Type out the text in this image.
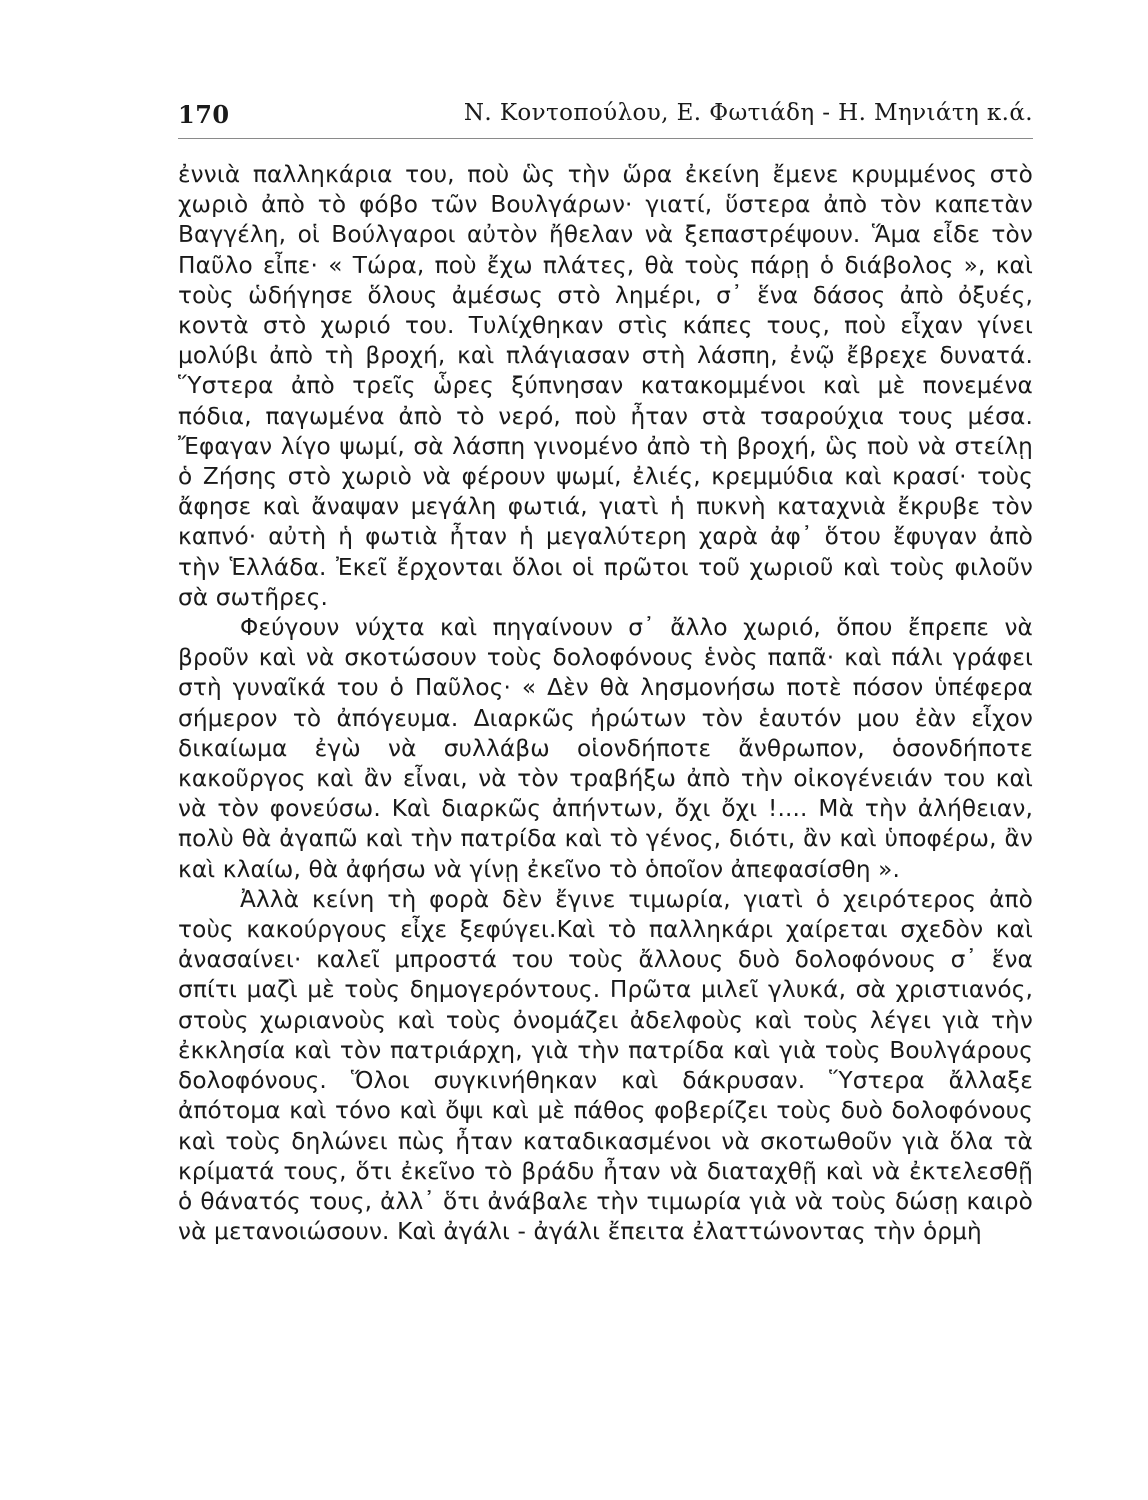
170	Ν. Κοντοπούλου, Ε. Φωτιάδη - Η. Μηνιάτη κ.ά.

ἐννιὰ παλληκάρια του, ποὺ ὣς τὴν ὥρα ἐκείνη ἔμενε κρυμμένος στὸ χωριὸ ἀπὸ τὸ φόβο τῶν Βουλγάρων· γιατί, ὕστερα ἀπὸ τὸν καπετὰν Βαγγέλη, οἱ Βούλγαροι αὐτὸν ἤθελαν νὰ ξεπαστρέψουν. Ἅμα εἶδε τὸν Παῦλο εἶπε· « Τώρα, ποὺ ἔχω πλάτες, θὰ τοὺς πάρῃ ὁ διάβολος », καὶ τοὺς ὡδήγησε ὅλους ἀμέσως στὸ λημέρι, σ᾿ ἕνα δάσος ἀπὸ ὀξυές, κοντὰ στὸ χωριό του. Τυλίχθηκαν στὶς κάπες τους, ποὺ εἶχαν γίνει μολύβι ἀπὸ τὴ βροχή, καὶ πλάγιασαν στὴ λάσπη, ἐνῷ ἔβρεχε δυνατά. Ὕστερα ἀπὸ τρεῖς ὧρες ξύπνησαν κατακομμένοι καὶ μὲ πονεμένα πόδια, παγωμένα ἀπὸ τὸ νερό, ποὺ ἦταν στὰ τσαρούχια τους μέσα. Ἔφαγαν λίγο ψωμί, σὰ λάσπη γινομένο ἀπὸ τὴ βροχή, ὣς ποὺ νὰ στείλῃ ὁ Ζήσης στὸ χωριὸ νὰ φέρουν ψωμί, ἐλιές, κρεμμύδια καὶ κρασί· τοὺς ἄφησε καὶ ἄναψαν μεγάλη φωτιά, γιατὶ ἡ πυκνὴ καταχνιὰ ἔκρυβε τὸν καπνό· αὐτὴ ἡ φωτιὰ ἦταν ἡ μεγαλύτερη χαρὰ ἀφ᾿ ὅτου ἔφυγαν ἀπὸ τὴν Ἑλλάδα. Ἐκεῖ ἔρχονται ὅλοι οἱ πρῶτοι τοῦ χωριοῦ καὶ τοὺς φιλοῦν σὰ σωτῆρες.

Φεύγουν νύχτα καὶ πηγαίνουν σ᾿ ἄλλο χωριό, ὅπου ἔπρεπε νὰ βροῦν καὶ νὰ σκοτώσουν τοὺς δολοφόνους ἑνὸς παπᾶ· καὶ πάλι γράφει στὴ γυναῖκά του ὁ Παῦλος· « Δὲν θὰ λησμονήσω ποτὲ πόσον ὑπέφερα σήμερον τὸ ἀπόγευμα. Διαρκῶς ἠρώτων τὸν ἑαυτόν μου ἐὰν εἶχον δικαίωμα ἐγὼ νὰ συλλάβω οἱονδήποτε ἄνθρωπον, ὁσονδήποτε κακοῦργος καὶ ἂν εἶναι, νὰ τὸν τραβήξω ἀπὸ τὴν οἰκογένειάν του καὶ νὰ τὸν φονεύσω. Καὶ διαρκῶς ἀπήντων, ὄχι ὄχι !.... Μὰ τὴν ἀλήθειαν, πολὺ θὰ ἀγαπῶ καὶ τὴν πατρίδα καὶ τὸ γένος, διότι, ἂν καὶ ὑποφέρω, ἂν καὶ κλαίω, θὰ ἀφήσω νὰ γίνῃ ἐκεῖνο τὸ ὁποῖον ἀπεφασίσθη ».

Ἀλλὰ κείνη τὴ φορὰ δὲν ἔγινε τιμωρία, γιατὶ ὁ χειρότερος ἀπὸ τοὺς κακούργους εἶχε ξεφύγει.Καὶ τὸ παλληκάρι χαίρεται σχεδὸν καὶ ἀνασαίνει· καλεῖ μπροστά του τοὺς ἄλλους δυὸ δολοφόνους σ᾿ ἕνα σπίτι μαζὶ μὲ τοὺς δημογερόντους. Πρῶτα μιλεῖ γλυκά, σὰ χριστιανός, στοὺς χωριανοὺς καὶ τοὺς ὀνομάζει ἀδελφοὺς καὶ τοὺς λέγει γιὰ τὴν ἐκκλησία καὶ τὸν πατριάρχη, γιὰ τὴν πατρίδα καὶ γιὰ τοὺς Βουλγάρους δολοφόνους. Ὅλοι συγκινήθηκαν καὶ δάκρυσαν. Ὕστερα ἄλλαξε ἀπότομα καὶ τόνο καὶ ὄψι καὶ μὲ πάθος φοβερίζει τοὺς δυὸ δολοφόνους καὶ τοὺς δηλώνει πὼς ἦταν καταδικασμένοι νὰ σκοτωθοῦν γιὰ ὅλα τὰ κρίματά τους, ὅτι ἐκεῖνο τὸ βράδυ ἦταν νὰ διαταχθῇ καὶ νὰ ἐκτελεσθῇ ὁ θάνατός τους, ἀλλ᾿ ὅτι ἀνάβαλε τὴν τιμωρία γιὰ νὰ τοὺς δώσῃ καιρὸ νὰ μετανοιώσουν. Καὶ ἀγάλι - ἀγάλι ἔπειτα ἐλαττώνοντας τὴν ὁρμὴ
